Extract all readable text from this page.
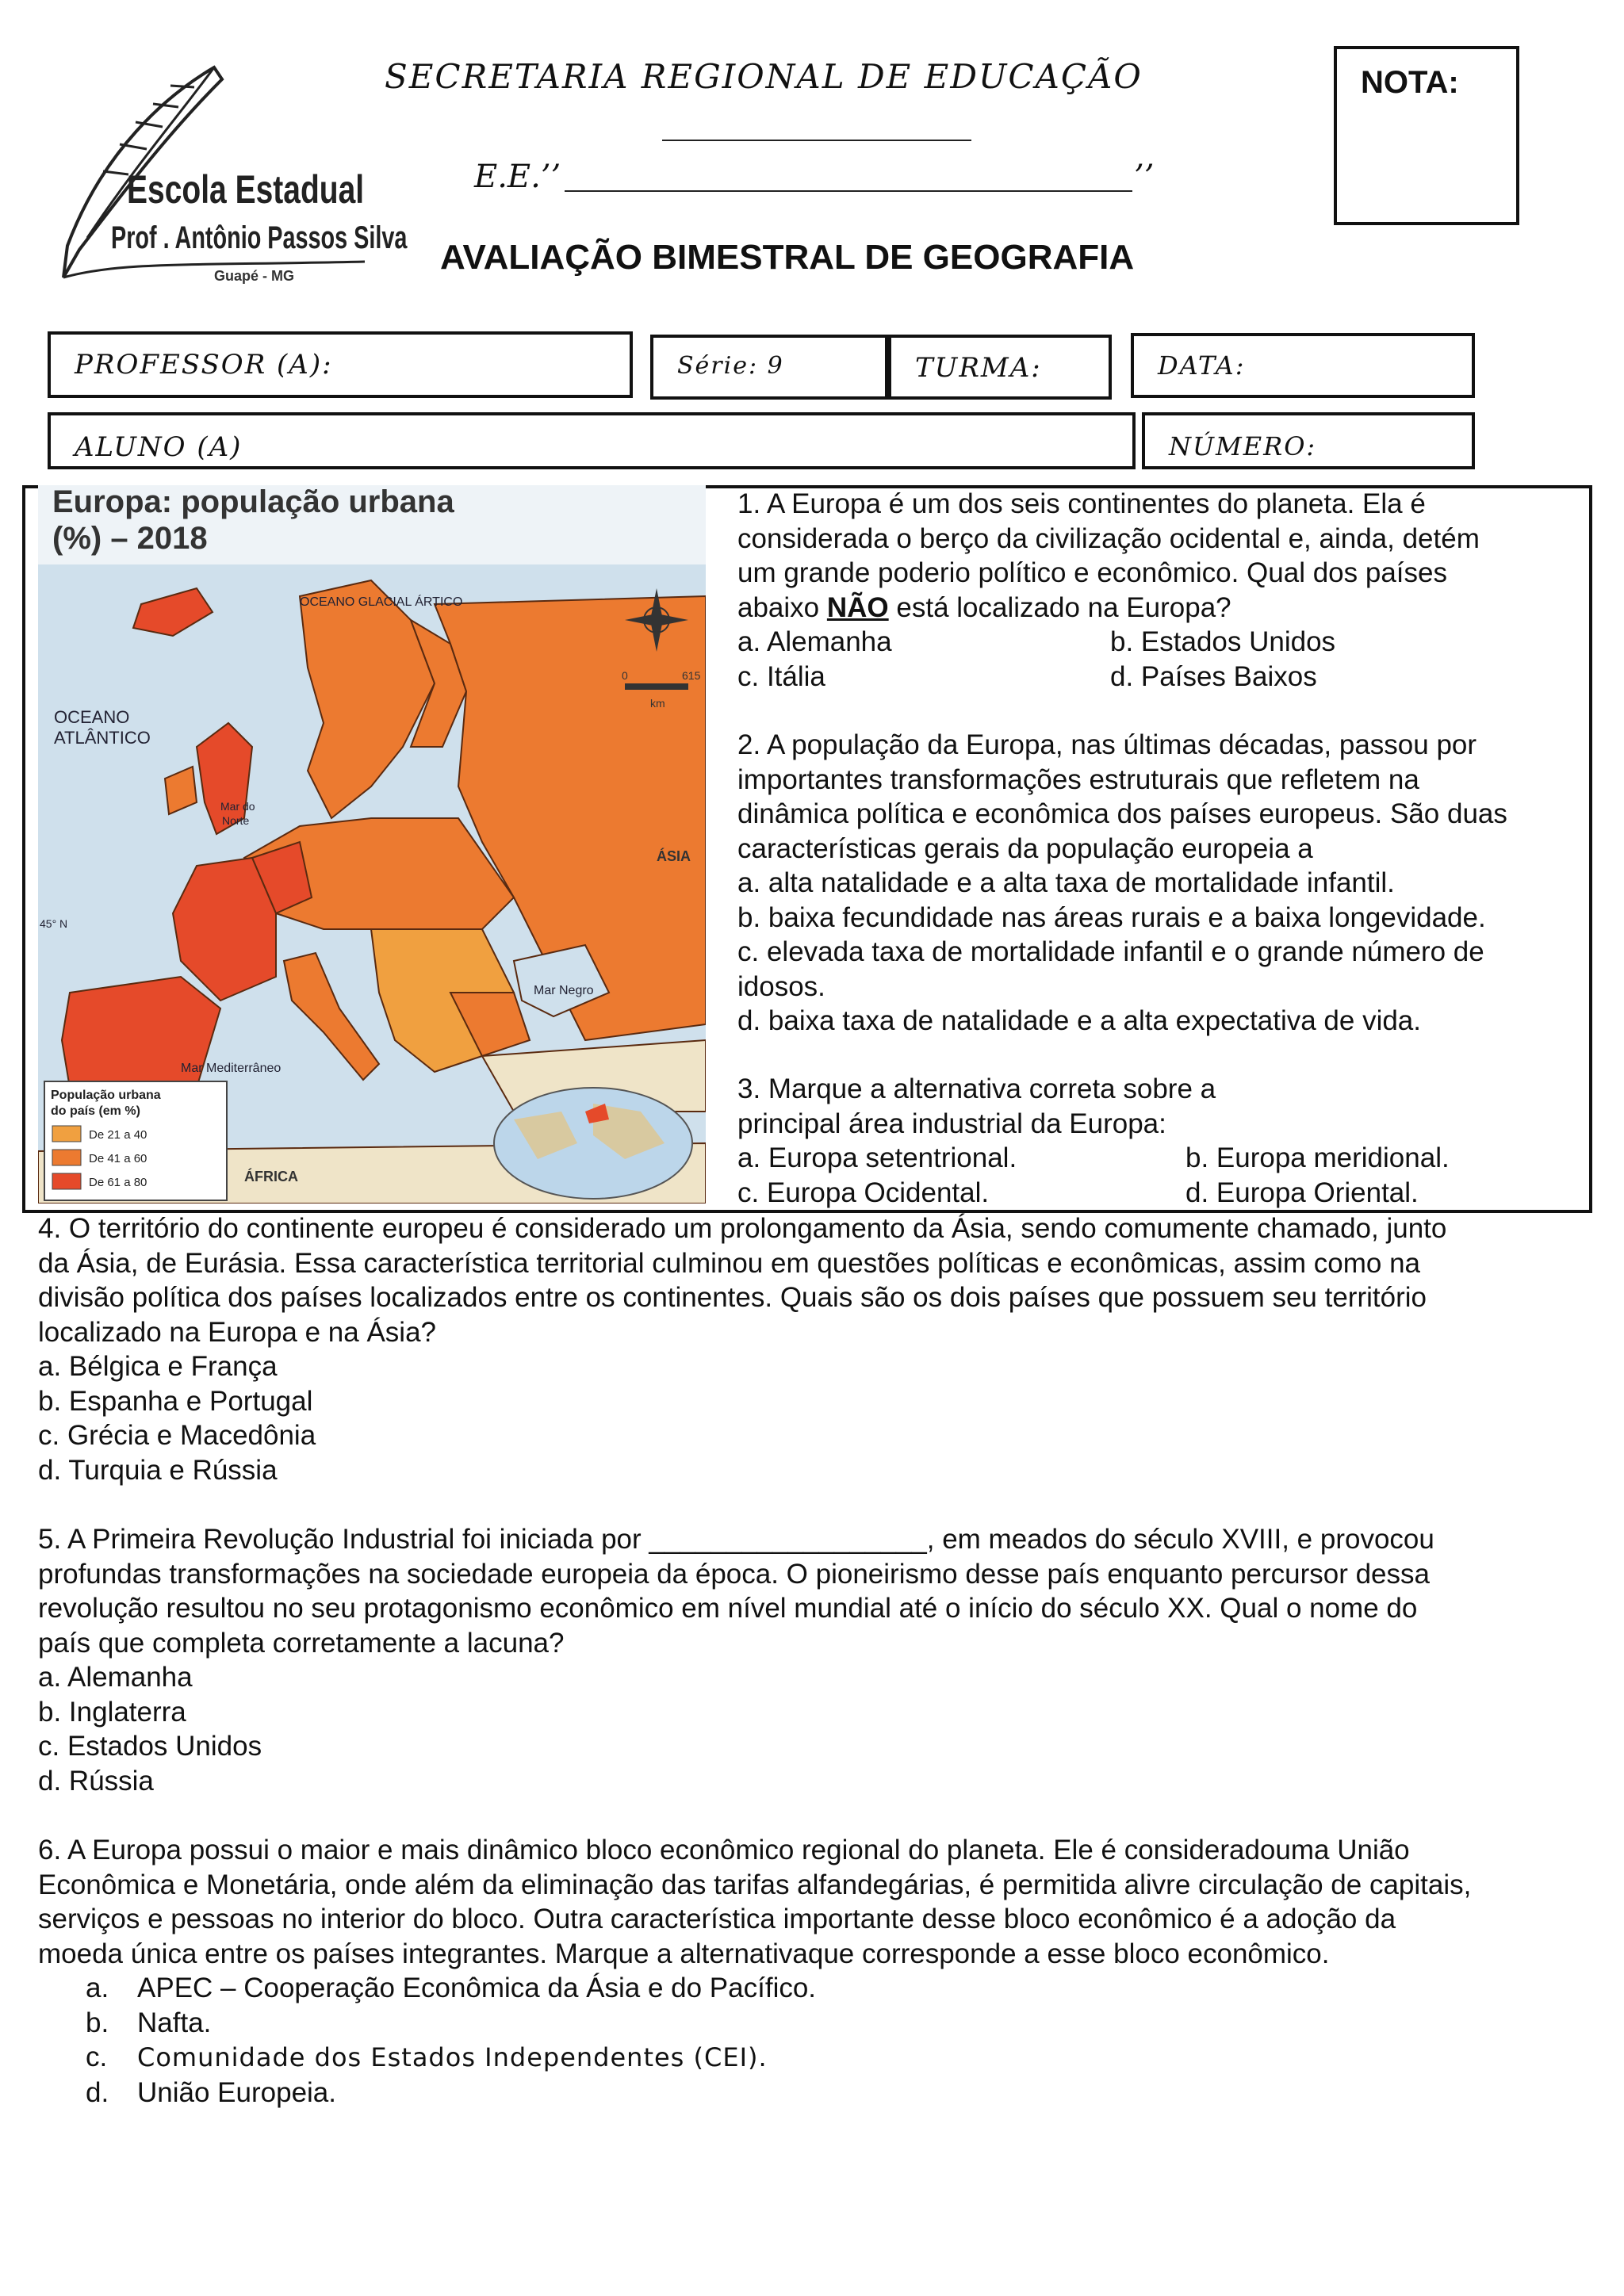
Escola Estadual
Prof . Antônio Passos Silva
Guapé - MG
SECRETARIA REGIONAL DE EDUCAÇÃO
E.E.’’	’’
AVALIAÇÃO BIMESTRAL DE GEOGRAFIA
NOTA:
PROFESSOR (A):	Série: 9	TURMA:	DATA:
ALUNO (A)	NÚMERO:
Europa: população urbana
(%) – 2018
0	615
km
OCEANO GLACIAL ÁRTICO
OCEANO
ATLÂNTICO
Mar do
Norte
ÁSIA
Mar Negro
Mar Mediterrâneo
ÁFRICA
45° N
População urbana
do país (em %)
De 21 a 40
De 41 a 60
De 61 a 80
1. A Europa é um dos seis continentes do planeta. Ela é
considerada o berço da civilização ocidental e, ainda, detém
um grande poderio político e econômico. Qual dos países
abaixo NÃO está localizado na Europa?
a. Alemanha	b. Estados Unidos
c. Itália	d. Países Baixos
2. A população da Europa, nas últimas décadas, passou por
importantes transformações estruturais que refletem na
dinâmica política e econômica dos países europeus. São duas
características gerais da população europeia a
a. alta natalidade e a alta taxa de mortalidade infantil.
b. baixa fecundidade nas áreas rurais e a baixa longevidade.
c. elevada taxa de mortalidade infantil e o grande número de
idosos.
d. baixa taxa de natalidade e a alta expectativa de vida.
3. Marque a alternativa correta sobre a
principal área industrial da Europa:
a. Europa setentrional.	b. Europa meridional.
c. Europa Ocidental.	d. Europa Oriental.
4. O território do continente europeu é considerado um prolongamento da Ásia, sendo comumente chamado, junto
da Ásia, de Eurásia. Essa característica territorial culminou em questões políticas e econômicas, assim como na
divisão política dos países localizados entre os continentes. Quais são os dois países que possuem seu território
localizado na Europa e na Ásia?
a. Bélgica e França
b. Espanha e Portugal
c. Grécia e Macedônia
d. Turquia e Rússia
5. A Primeira Revolução Industrial foi iniciada por __________________, em meados do século XVIII, e provocou
profundas transformações na sociedade europeia da época. O pioneirismo desse país enquanto percursor dessa
revolução resultou no seu protagonismo econômico em nível mundial até o início do século XX. Qual o nome do
país que completa corretamente a lacuna?
a. Alemanha
b. Inglaterra
c. Estados Unidos
d. Rússia
6. A Europa possui o maior e mais dinâmico bloco econômico regional do planeta. Ele é consideradouma União
Econômica e Monetária, onde além da eliminação das tarifas alfandegárias, é permitida alivre circulação de capitais,
serviços e pessoas no interior do bloco. Outra característica importante desse bloco econômico é a adoção da
moeda única entre os países integrantes. Marque a alternativaque corresponde a esse bloco econômico.
a. APEC – Cooperação Econômica da Ásia e do Pacífico.
b. Nafta.
c. Comunidade dos Estados Independentes (CEI).
d. União Europeia.
